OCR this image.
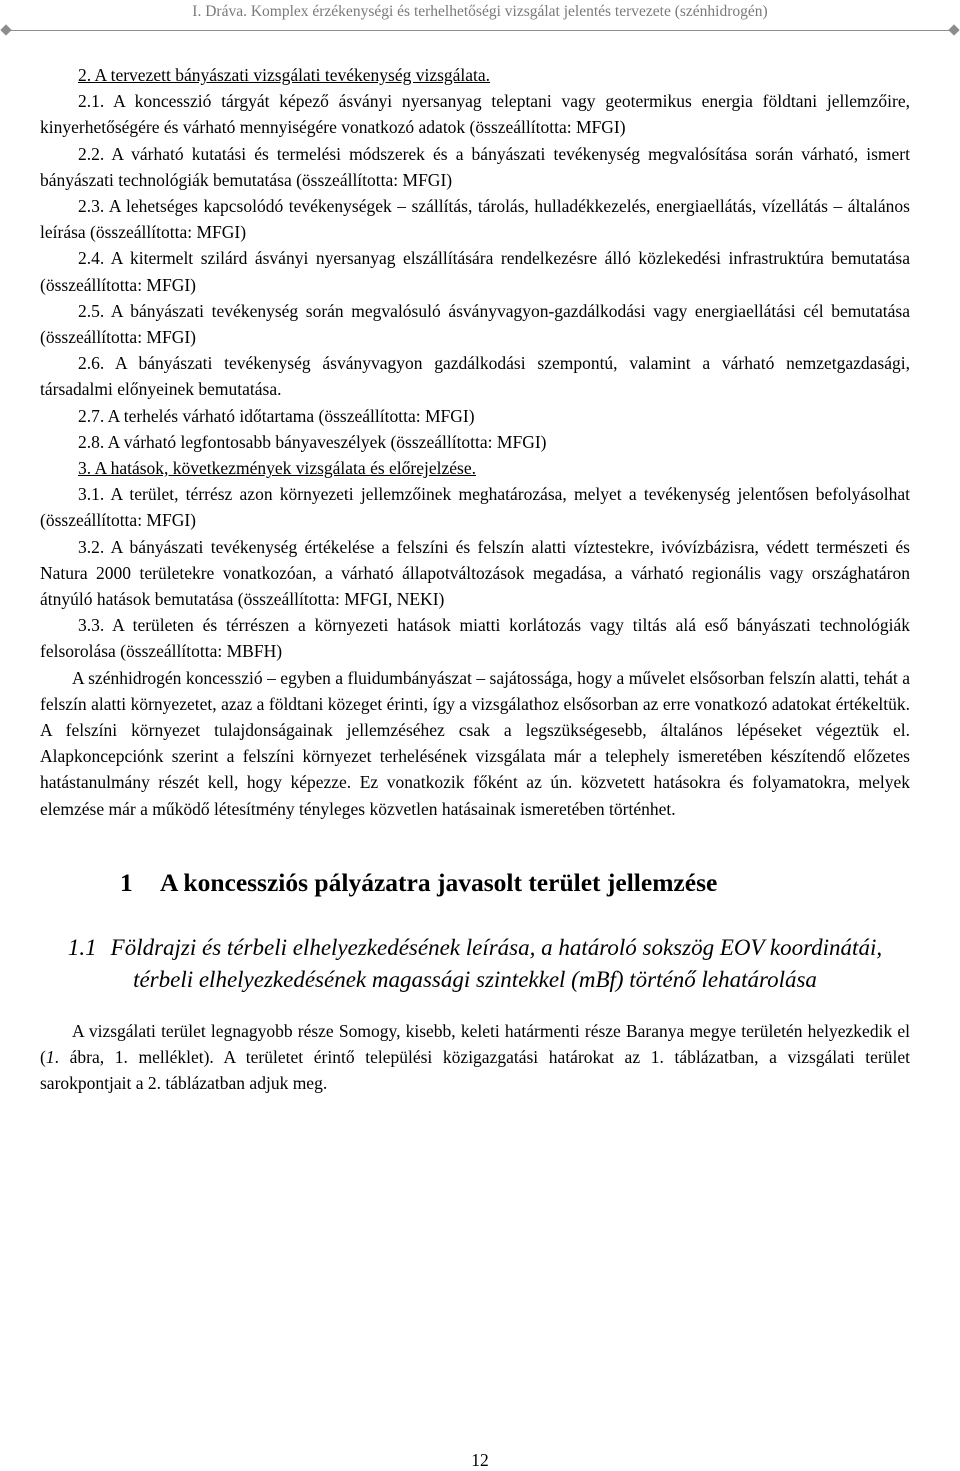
I. Dráva. Komplex érzékenységi és terhelhetőségi vizsgálat jelentés tervezete (szénhidrogén)

2. A tervezett bányászati vizsgálati tevékenység vizsgálata.

2.1. A koncesszió tárgyát képező ásványi nyersanyag teleptani vagy geotermikus energia földtani jellemzőire, kinyerhetőségére és várható mennyiségére vonatkozó adatok (összeállította: MFGI)

2.2. A várható kutatási és termelési módszerek és a bányászati tevékenység megvalósítása során várható, ismert bányászati technológiák bemutatása (összeállította: MFGI)

2.3. A lehetséges kapcsolódó tevékenységek – szállítás, tárolás, hulladékkezelés, energiaellátás, vízellátás – általános leírása (összeállította: MFGI)

2.4. A kitermelt szilárd ásványi nyersanyag elszállítására rendelkezésre álló közlekedési infrastruktúra bemutatása (összeállította: MFGI)

2.5. A bányászati tevékenység során megvalósuló ásványvagyon-gazdálkodási vagy energiaellátási cél bemutatása (összeállította: MFGI)

2.6. A bányászati tevékenység ásványvagyon gazdálkodási szempontú, valamint a várható nemzetgazdasági, társadalmi előnyeinek bemutatása.

2.7. A terhelés várható időtartama (összeállította: MFGI)

2.8. A várható legfontosabb bányaveszélyek (összeállította: MFGI)

3. A hatások, következmények vizsgálata és előrejelzése.

3.1. A terület, térrész azon környezeti jellemzőinek meghatározása, melyet a tevékenység jelentősen befolyásolhat (összeállította: MFGI)

3.2. A bányászati tevékenység értékelése a felszíni és felszín alatti víztestekre, ivóvízbázisra, védett természeti és Natura 2000 területekre vonatkozóan, a várható állapotváltozások megadása, a várható regionális vagy országhatáron átnyúló hatások bemutatása (összeállította: MFGI, NEKI)

3.3. A területen és térrészen a környezeti hatások miatti korlátozás vagy tiltás alá eső bányászati technológiák felsorolása (összeállította: MBFH)

A szénhidrogén koncesszió – egyben a fluidumbányászat – sajátossága, hogy a művelet elsősorban felszín alatti, tehát a felszín alatti környezetet, azaz a földtani közeget érinti, így a vizsgálathoz elsősorban az erre vonatkozó adatokat értékeltük. A felszíni környezet tulajdonságainak jellemzéséhez csak a legszükségesebb, általános lépéseket végeztük el. Alapkoncepciónk szerint a felszíni környezet terhelésének vizsgálata már a telephely ismeretében készítendő előzetes hatástanulmány részét kell, hogy képezze. Ez vonatkozik főként az ún. közvetett hatásokra és folyamatokra, melyek elemzése már a működő létesítmény tényleges közvetlen hatásainak ismeretében történhet.

1 A koncessziós pályázatra javasolt terület jellemzése
1.1 Földrajzi és térbeli elhelyezkedésének leírása, a határoló sokszög EOV koordinátái, térbeli elhelyezkedésének magassági szintekkel (mBf) történő lehatárolása

A vizsgálati terület legnagyobb része Somogy, kisebb, keleti határmenti része Baranya megye területén helyezkedik el (1. ábra, 1. melléklet). A területet érintő települési közigazgatási határokat az 1. táblázatban, a vizsgálati terület sarokpontjait a 2. táblázatban adjuk meg.

12
